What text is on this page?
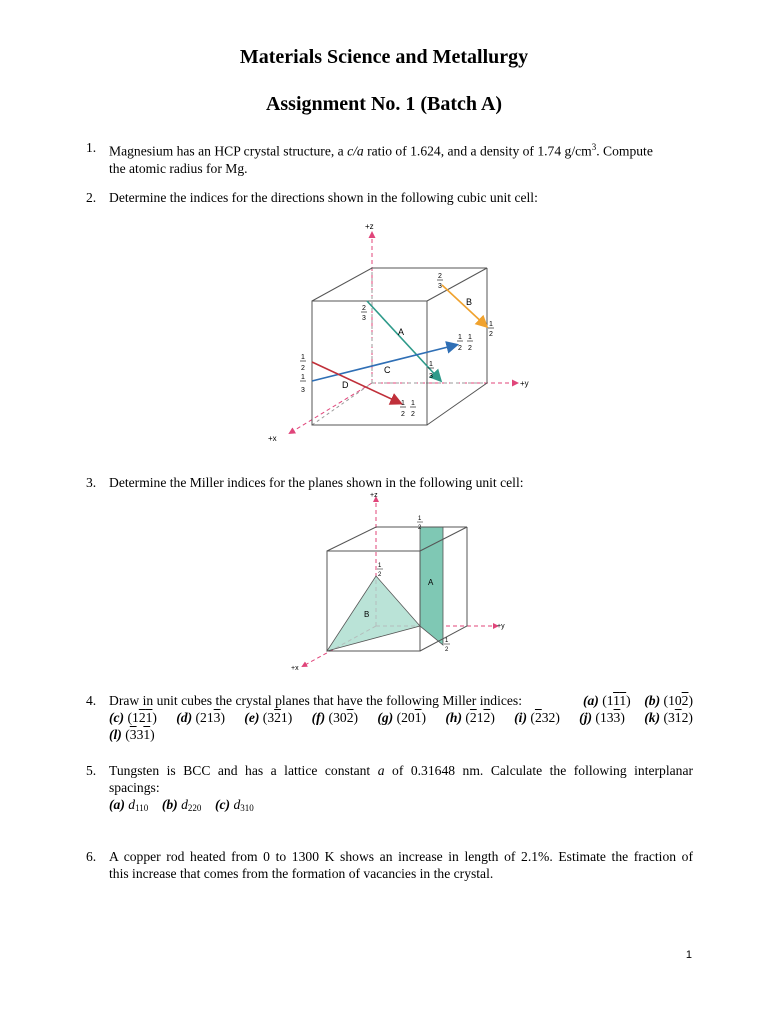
Materials Science and Metallurgy
Assignment No. 1 (Batch A)
1. Magnesium has an HCP crystal structure, a c/a ratio of 1.624, and a density of 1.74 $g/cm^3$. Compute
the atomic radius for Mg.
2. Determine the indices for the directions shown in the following cubic unit cell:
+z
+y
+x
A
B
C
D
2
3
2
3
1
2
1
2
1
2
1
3
1
2
1
3
1
2
1
2
3. Determine the Miller indices for the planes shown in the following unit cell:
+z
+y
+x
A
B
1
2
1
2
1
2
4. Draw in unit cubes the crystal planes that have the following Miller indices:	(a) (111)    (b) (102)
(c) (121) (d) (213) (e) (321) (f) (302) (g) (201) (h) (212) (i) (232) (j) (133) (k) (312)
(l) (331)
5. Tungsten is BCC and has a lattice constant a of 0.31648 nm. Calculate the following interplanar
spacings:
(a) $d_{110}$ (b) $d_{220}$ (c) $d_{310}$
6. A copper rod heated from 0 to 1300 K shows an increase in length of 2.1%. Estimate the fraction of
this increase that comes from the formation of vacancies in the crystal.
1
